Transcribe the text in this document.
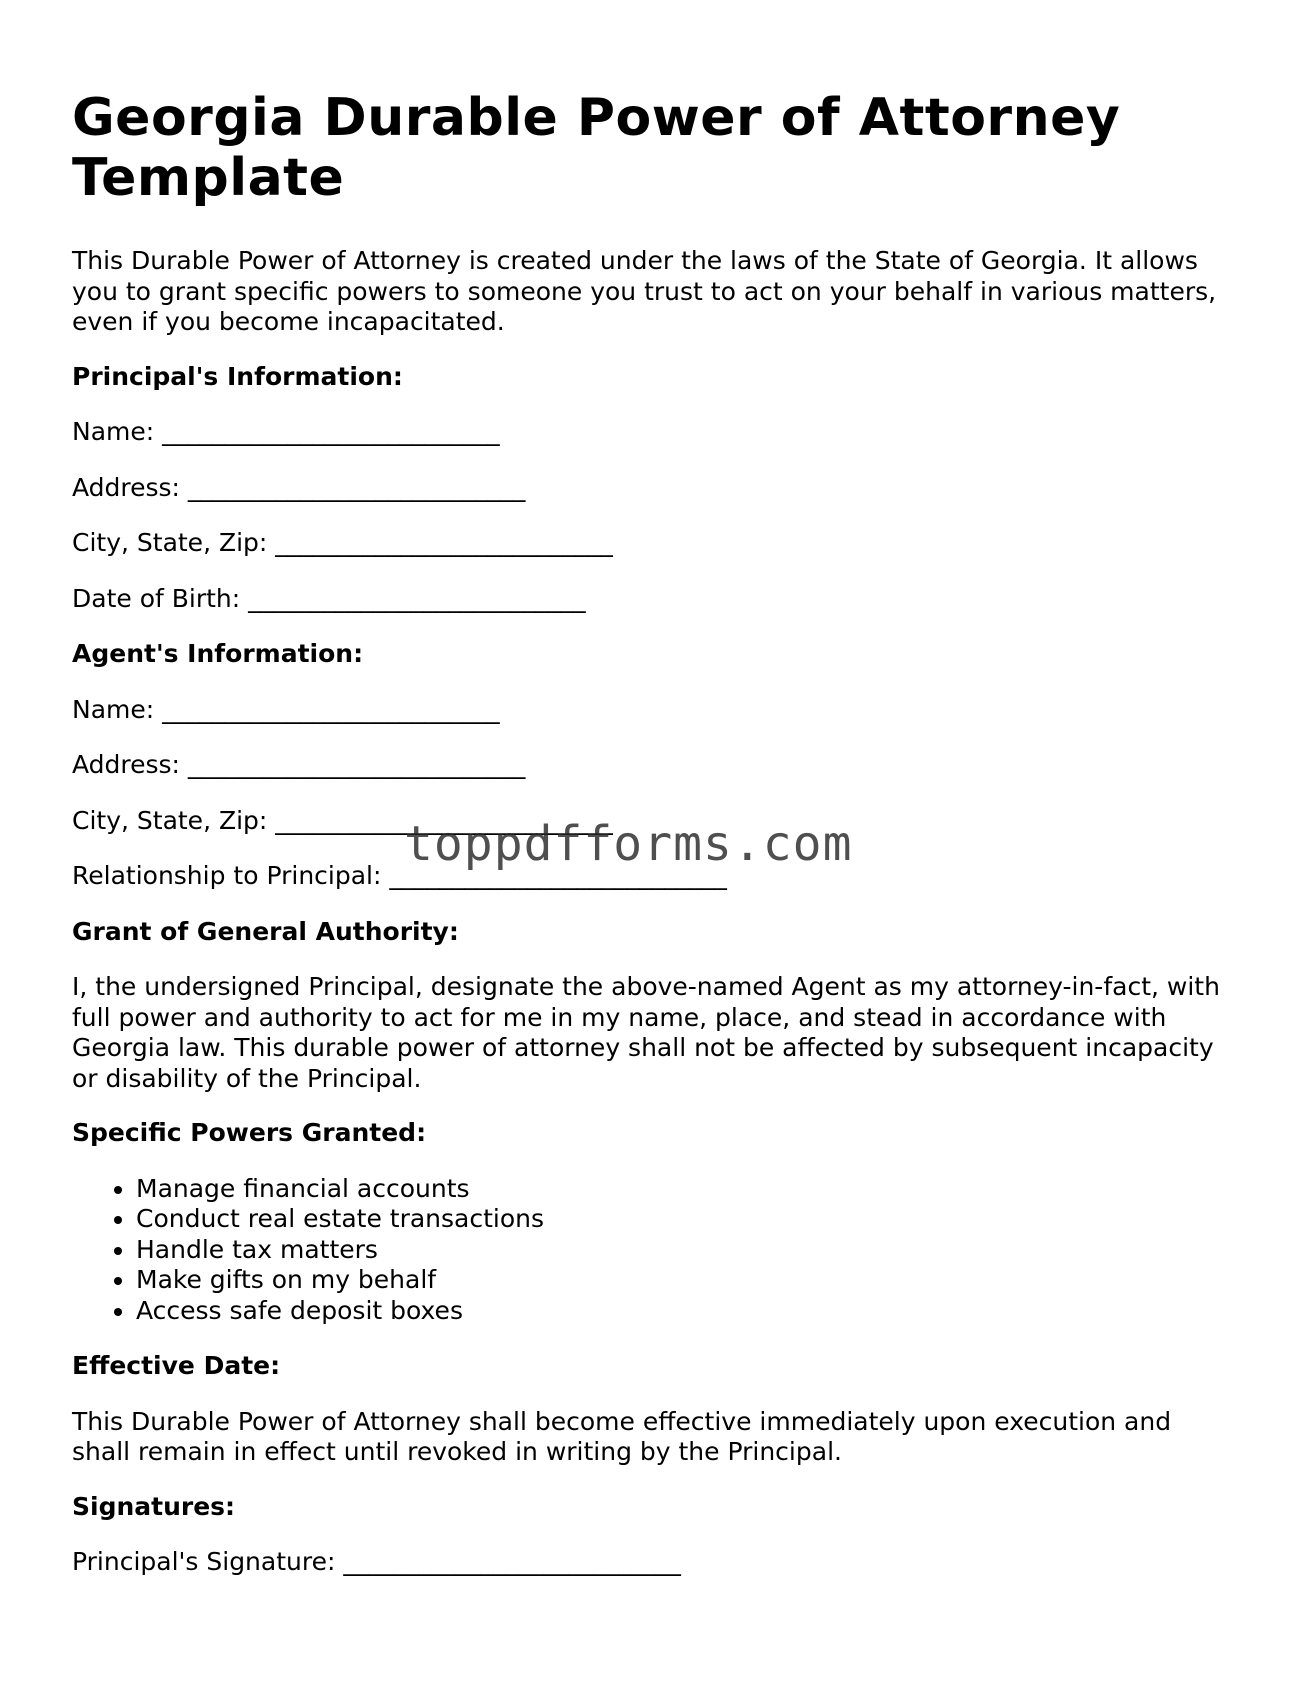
Georgia Durable Power of Attorney Template

This Durable Power of Attorney is created under the laws of the State of Georgia. It allows you to grant specific powers to someone you trust to act on your behalf in various matters, even if you become incapacitated.

Principal's Information:
Name: ___________________________
Address: ___________________________
City, State, Zip: ___________________________
Date of Birth: ___________________________
Agent's Information:
Name: ___________________________
Address: ___________________________
City, State, Zip: ___________________________
Relationship to Principal: ___________________________
Grant of General Authority:

I, the undersigned Principal, designate the above-named Agent as my attorney-in-fact, with full power and authority to act for me in my name, place, and stead in accordance with Georgia law. This durable power of attorney shall not be affected by subsequent incapacity or disability of the Principal.

Specific Powers Granted:
• Manage financial accounts
• Conduct real estate transactions
• Handle tax matters
• Make gifts on my behalf
• Access safe deposit boxes
Effective Date:

This Durable Power of Attorney shall become effective immediately upon execution and shall remain in effect until revoked in writing by the Principal.

Signatures:
Principal's Signature: ___________________________
toppdfforms.com
